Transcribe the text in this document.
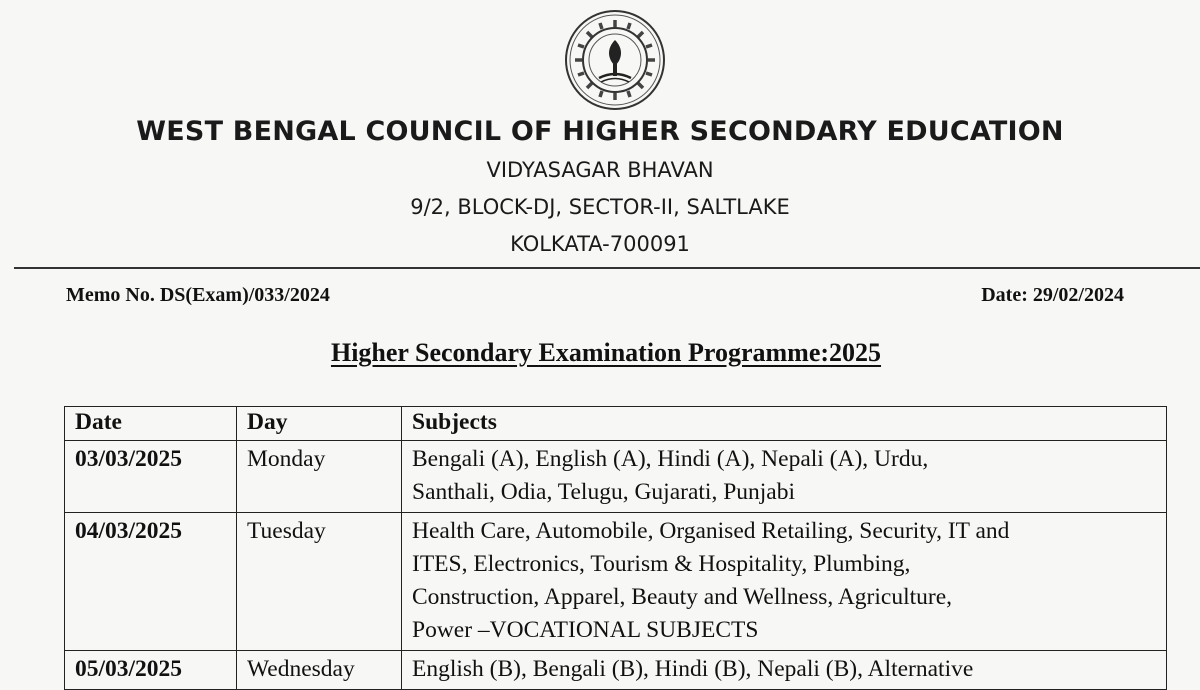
WEST BENGAL COUNCIL OF HIGHER SECONDARY EDUCATION
VIDYASAGAR BHAVAN
9/2, BLOCK-DJ, SECTOR-II, SALTLAKE
KOLKATA-700091
Memo No. DS(Exam)/033/2024	Date: 29/02/2024
Higher Secondary Examination Programme:2025
Date	Day	Subjects
03/03/2025	Monday	Bengali (A), English (A), Hindi (A), Nepali (A), Urdu,
Santhali, Odia, Telugu, Gujarati, Punjabi

04/03/2025	Tuesday	Health Care, Automobile, Organised Retailing, Security, IT and
ITES, Electronics, Tourism & Hospitality, Plumbing,
Construction, Apparel, Beauty and Wellness, Agriculture,
Power –VOCATIONAL SUBJECTS

05/03/2025	Wednesday	English (B), Bengali (B), Hindi (B), Nepali (B), Alternative
